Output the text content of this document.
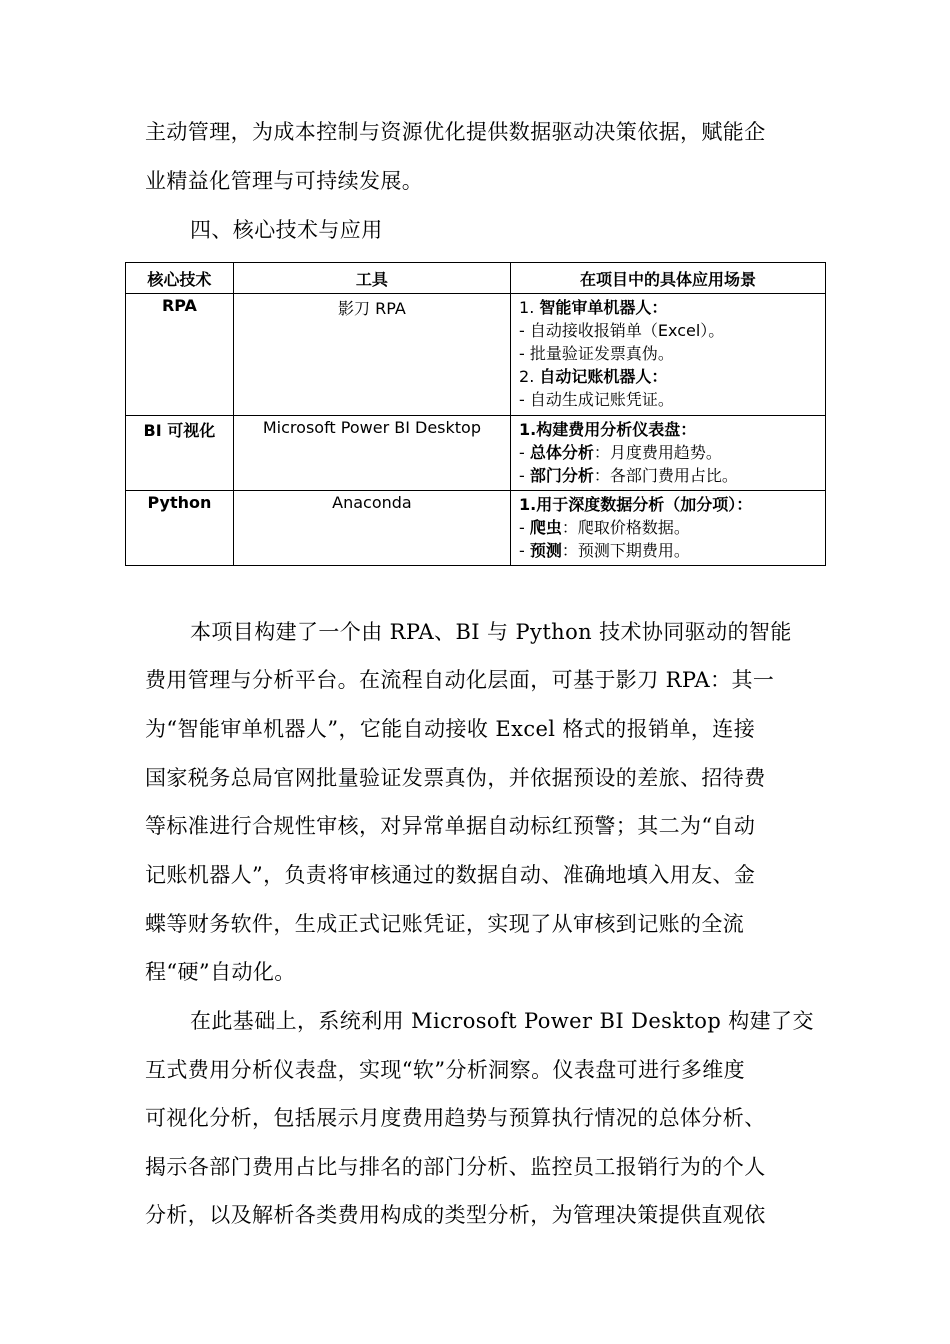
主动管理，为成本控制与资源优化提供数据驱动决策依据，赋能企
业精益化管理与可持续发展。
四、核心技术与应用
核心技术	工具	在项目中的具体应用场景
RPA	影刀 RPA	1. 智能审单机器人：
- 自动接收报销单（Excel）。
- 批量验证发票真伪。
2. 自动记账机器人：
- 自动生成记账凭证。

BI 可视化	Microsoft Power BI Desktop	1.构建费用分析仪表盘：
- 总体分析：月度费用趋势。
- 部门分析：各部门费用占比。

Python	Anaconda	1.用于深度数据分析（加分项）：
- 爬虫：爬取价格数据。
- 预测：预测下期费用。
本项目构建了一个由 RPA、BI 与 Python 技术协同驱动的智能
费用管理与分析平台。在流程自动化层面，可基于影刀 RPA：其一
为“智能审单机器人”，它能自动接收 Excel 格式的报销单，连接
国家税务总局官网批量验证发票真伪，并依据预设的差旅、招待费
等标准进行合规性审核，对异常单据自动标红预警；其二为“自动
记账机器人”，负责将审核通过的数据自动、准确地填入用友、金
蝶等财务软件，生成正式记账凭证，实现了从审核到记账的全流
程“硬”自动化。
在此基础上，系统利用 Microsoft Power BI Desktop 构建了交
互式费用分析仪表盘，实现“软”分析洞察。仪表盘可进行多维度
可视化分析，包括展示月度费用趋势与预算执行情况的总体分析、
揭示各部门费用占比与排名的部门分析、监控员工报销行为的个人
分析，以及解析各类费用构成的类型分析，为管理决策提供直观依
